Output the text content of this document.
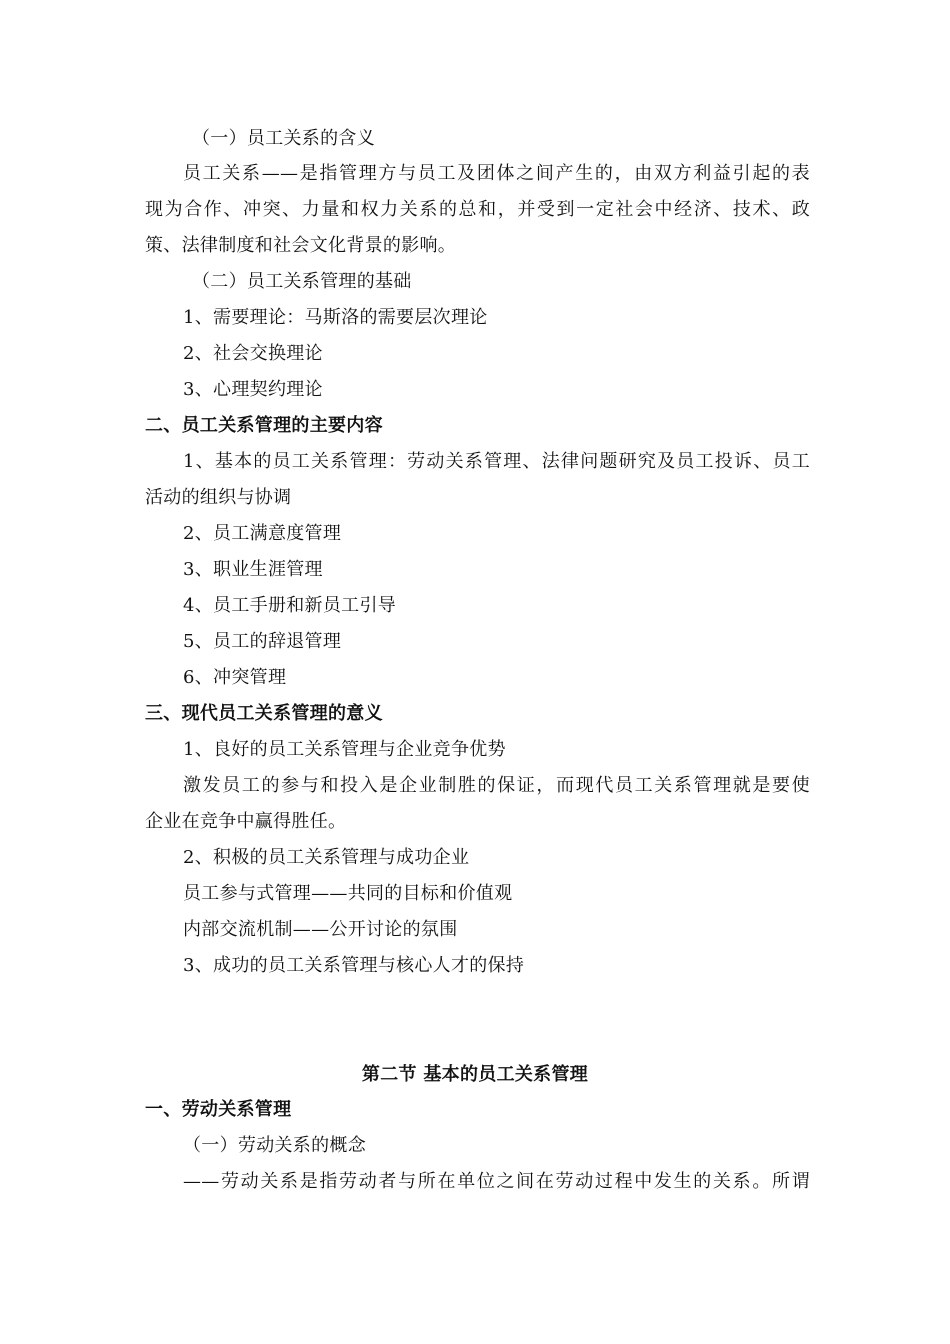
（一）员工关系的含义
员工关系——是指管理方与员工及团体之间产生的，由双方利益引起的表
现为合作、冲突、力量和权力关系的总和，并受到一定社会中经济、技术、政
策、法律制度和社会文化背景的影响。
（二）员工关系管理的基础
1、需要理论：马斯洛的需要层次理论
2、社会交换理论
3、心理契约理论
二、员工关系管理的主要内容
1、基本的员工关系管理：劳动关系管理、法律问题研究及员工投诉、员工
活动的组织与协调
2、员工满意度管理
3、职业生涯管理
4、员工手册和新员工引导
5、员工的辞退管理
6、冲突管理
三、现代员工关系管理的意义
1、良好的员工关系管理与企业竞争优势
激发员工的参与和投入是企业制胜的保证，而现代员工关系管理就是要使
企业在竞争中赢得胜任。
2、积极的员工关系管理与成功企业
员工参与式管理——共同的目标和价值观
内部交流机制——公开讨论的氛围
3、成功的员工关系管理与核心人才的保持
第二节 基本的员工关系管理
一、劳动关系管理
（一）劳动关系的概念
——劳动关系是指劳动者与所在单位之间在劳动过程中发生的关系。所谓
